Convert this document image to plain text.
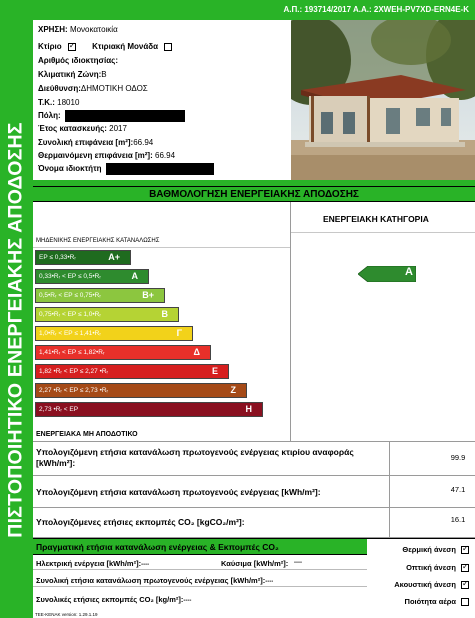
Α.Π.: 193714/2017 Α.Α.: 2XWEH-PV7XD-ERN4E-K
ΠΙΣΤΟΠΟΙΗΤΙΚΟ ΕΝΕΡΓΕΙΑΚΗΣ ΑΠΟΔΟΣΗΣ
ΧΡΗΣΗ: Μονοκατοικία
Κτίριο ✓	Κτιριακή Μονάδα
Αριθμός ιδιοκτησίας:
Κλιματική Ζώνη:B
Διεύθυνση:ΔΗΜΟΤΙΚΗ ΟΔΟΣ
Τ.Κ.: 18010
Πόλη:
Έτος κατασκευής: 2017
Συνολική επιφάνεια [m²]:66.94
Θερμαινόμενη επιφάνεια [m²]: 66.94
Όνομα ιδιοκτήτη
ΒΑΘΜΟΛΟΓΗΣΗ ΕΝΕΡΓΕΙΑΚΗΣ ΑΠΟΔΟΣΗΣ
ΕΝΕΡΓΕΙΑΚΗ ΚΑΤΗΓΟΡΙΑ
ΜΗΔΕΝΙΚΗΣ ΕΝΕΡΓΕΙΑΚΗΣ ΚΑΤΑΝΑΛΩΣΗΣ
EP ≤ 0,33•Rᵣ	A+
0,33•Rᵣ < EP ≤ 0,5•Rᵣ	A
0,5•Rᵣ < EP ≤ 0,75•Rᵣ	B+
0,75•Rᵣ < EP ≤ 1,0•Rᵣ	B
1,0•Rᵣ < EP ≤ 1,41•Rᵣ	Γ
1,41•Rᵣ < EP ≤ 1,82•Rᵣ	Δ
1,82 •Rᵣ < EP ≤ 2,27 •Rᵣ	E
2,27 •Rᵣ < EP ≤ 2,73 •Rᵣ	Z
2,73 •Rᵣ < EP	H
A
ΕΝΕΡΓΕΙΑΚΑ ΜΗ ΑΠΟΔΟΤΙΚΟ
Υπολογιζόμενη ετήσια κατανάλωση πρωτογενούς ενέργειας κτιρίου αναφοράς [kWh/m²]:
99.9
Υπολογιζόμενη ετήσια κατανάλωση πρωτογενούς ενέργειας [kWh/m²]:	47.1
Υπολογιζόμενες ετήσιες εκπομπές CO₂ [kgCO₂/m²]:	16.1
Πραγματική ετήσια κατανάλωση ενέργειας & Εκπομπές CO₂
Ηλεκτρική ενέργεια [kWh/m²]:----	Καύσιμα [kWh/m²]: ----
Συνολική ετήσια κατανάλωση πρωτογενούς ενέργειας [kWh/m²]:----
Συνολικές ετήσιες εκπομπές CO₂ [kg/m²]:----
Θερμική άνεση✓
Οπτική άνεση✓
Ακουστική άνεση✓
Ποιότητα αέρα
TEE-KENAK version: 1.29.1.19
